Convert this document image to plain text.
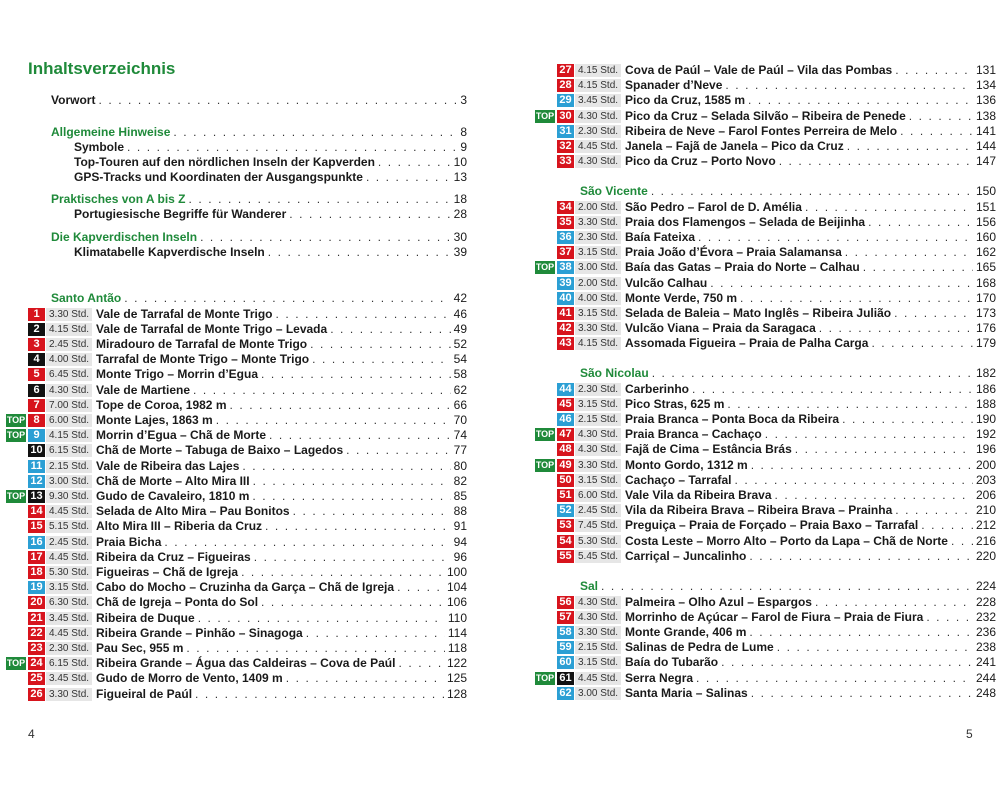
Inhaltsverzeichnis
Vorwort . . .	3
Allgemeine Hinweise . . .	8
Symbole . . .	9
Top-Touren auf den nördlichen Inseln der Kapverden . . .	10
GPS-Tracks und Koordinaten der Ausgangspunkte . . .	13
Praktisches von A bis Z . . .	18
Portugiesische Begriffe für Wanderer . . .	28
Die Kapverdischen Inseln . . .	30
Klimatabelle Kapverdische Inseln . . .	39
Santo Antão . . .	42
1 3.30 Std. Vale de Tarrafal de Monte Trigo . . .	46
2 4.15 Std. Vale de Tarrafal de Monte Trigo – Levada . . .	49
3 2.45 Std. Miradouro de Tarrafal de Monte Trigo . . .	52
4 4.00 Std. Tarrafal de Monte Trigo – Monte Trigo . . .	54
5 6.45 Std. Monte Trigo – Morrin d’Egua . . .	58
6 4.30 Std. Vale de Martiene . . .	62
7 7.00 Std. Tope de Coroa, 1982 m . . .	66
TOP 8 6.00 Std. Monte Lajes, 1863 m . . .	70
TOP 9 4.15 Std. Morrin d’Egua – Chã de Morte . . .	74
10 6.15 Std. Chã de Morte – Tabuga de Baixo – Lagedos . . .	77
11 2.15 Std. Vale de Ribeira das Lajes . . .	80
12 3.00 Std. Chã de Morte – Alto Mira III . . .	82
TOP 13 9.30 Std. Gudo de Cavaleiro, 1810 m . . .	85
14 4.45 Std. Selada de Alto Mira – Pau Bonitos . . .	88
15 5.15 Std. Alto Mira III – Riberia da Cruz . . .	91
16 2.45 Std. Praia Bicha . . .	94
17 4.45 Std. Ribeira da Cruz – Figueiras . . .	96
18 5.30 Std. Figueiras – Chã de Igreja . . .	100
19 3.15 Std. Cabo do Mocho – Cruzinha da Garça – Chã de Igreja . . .	104
20 6.30 Std. Chã de Igreja – Ponta do Sol . . .	106
21 3.45 Std. Ribeira de Duque . . .	110
22 4.45 Std. Ribeira Grande – Pinhão – Sinagoga . . .	114
23 2.30 Std. Pau Sec, 955 m . . .	118
TOP 24 6.15 Std. Ribeira Grande – Água das Caldeiras – Cova de Paúl . . .	122
25 3.45 Std. Gudo de Morro de Vento, 1409 m . . .	125
26 3.30 Std. Figueiral de Paúl . . .	128
27 4.15 Std. Cova de Paúl – Vale de Paúl – Vila das Pombas . . .	131
28 4.15 Std. Spanader d’Neve . . .	134
29 3.45 Std. Pico da Cruz, 1585 m . . .	136
TOP 30 4.30 Std. Pico da Cruz – Selada Silvão – Ribeira de Penede . . .	138
31 2.30 Std. Ribeira de Neve – Farol Fontes Perreira de Melo . . .	141
32 4.45 Std. Janela – Fajã de Janela – Pico da Cruz . . .	144
33 4.30 Std. Pico da Cruz – Porto Novo . . .	147
São Vicente . . .	150
34 2.00 Std. São Pedro – Farol de D. Amélia . . .	151
35 3.30 Std. Praia dos Flamengos – Selada de Beijinha . . .	156
36 2.30 Std. Baía Fateixa . . .	160
37 3.15 Std. Praia João d’Évora – Praia Salamansa . . .	162
TOP 38 3.00 Std. Baía das Gatas – Praia do Norte – Calhau . . .	165
39 2.00 Std. Vulcão Calhau . . .	168
40 4.00 Std. Monte Verde, 750 m . . .	170
41 3.15 Std. Selada de Baleia – Mato Inglês – Ribeira Julião . . .	173
42 3.30 Std. Vulcão Viana – Praia da Saragaca . . .	176
43 4.15 Std. Assomada Figueira – Praia de Palha Carga . . .	179
São Nicolau . . .	182
44 2.30 Std. Carberinho . . .	186
45 3.15 Std. Pico Stras, 625 m . . .	188
46 2.15 Std. Praia Branca – Ponta Boca da Ribeira . . .	190
TOP 47 4.30 Std. Praia Branca – Cachaço . . .	192
48 4.30 Std. Fajã de Cima – Estância Brás . . .	196
TOP 49 3.30 Std. Monto Gordo, 1312 m . . .	200
50 3.15 Std. Cachaço – Tarrafal . . .	203
51 6.00 Std. Vale Vila da Ribeira Brava . . .	206
52 2.45 Std. Vila da Ribeira Brava – Ribeira Brava – Prainha . . .	210
53 7.45 Std. Preguiça – Praia de Forçado – Praia Baxo – Tarrafal . . .	212
54 5.30 Std. Costa Leste – Morro Alto – Porto da Lapa – Chã de Norte . . . 216
55 5.45 Std. Carriçal – Juncalinho . . .	220
Sal . . .	224
56 4.30 Std. Palmeira – Olho Azul – Espargos . . .	228
57 4.30 Std. Morrinho de Açúcar – Farol de Fiura – Praia de Fiura . . .	232
58 3.30 Std. Monte Grande, 406 m . . .	236
59 2.15 Std. Salinas de Pedra de Lume . . .	238
60 3.15 Std. Baía do Tubarão . . .	241
TOP 61 4.45 Std. Serra Negra . . .	244
62 3.00 Std. Santa Maria – Salinas . . .	248
4	5
